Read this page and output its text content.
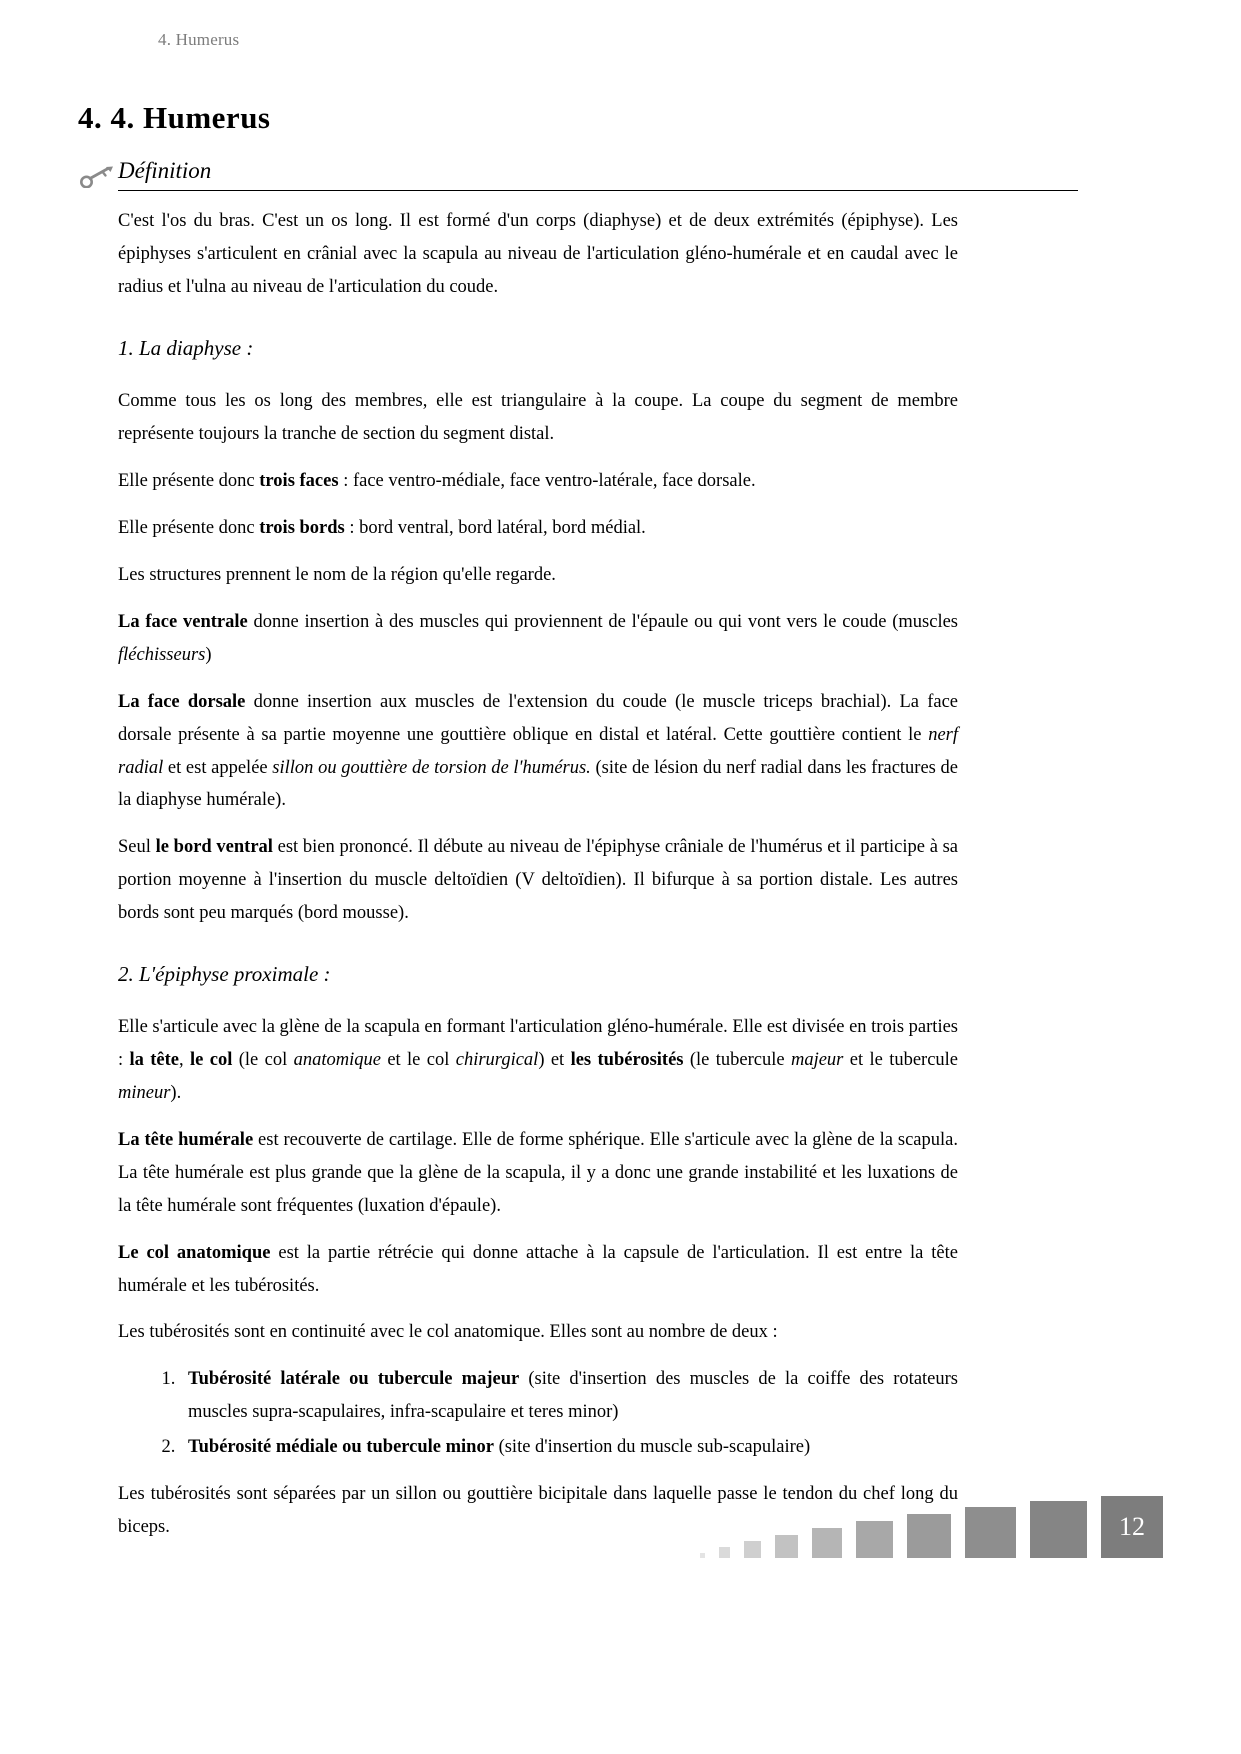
4. Humerus
4. 4. Humerus
Définition

C'est l'os du bras. C'est un os long. Il est formé d'un corps (diaphyse) et de deux extrémités (épiphyse). Les épiphyses s'articulent en crânial avec la scapula au niveau de l'articulation gléno-humérale et en caudal avec le radius et l'ulna au niveau de l'articulation du coude.

1. La diaphyse :

Comme tous les os long des membres, elle est triangulaire à la coupe. La coupe du segment de membre représente toujours la tranche de section du segment distal.

Elle présente donc trois faces : face ventro-médiale, face ventro-latérale, face dorsale.

Elle présente donc trois bords : bord ventral, bord latéral, bord médial.

Les structures prennent le nom de la région qu'elle regarde.

La face ventrale donne insertion à des muscles qui proviennent de l'épaule ou qui vont vers le coude (muscles fléchisseurs)

La face dorsale donne insertion aux muscles de l'extension du coude (le muscle triceps brachial). La face dorsale présente à sa partie moyenne une gouttière oblique en distal et latéral. Cette gouttière contient le nerf radial et est appelée sillon ou gouttière de torsion de l'humérus. (site de lésion du nerf radial dans les fractures de la diaphyse humérale).

Seul le bord ventral est bien prononcé. Il débute au niveau de l'épiphyse crâniale de l'humérus et il participe à sa portion moyenne à l'insertion du muscle deltoïdien (V deltoïdien). Il bifurque à sa portion distale. Les autres bords sont peu marqués (bord mousse).

2. L'épiphyse proximale :

Elle s'articule avec la glène de la scapula en formant l'articulation gléno-humérale. Elle est divisée en trois parties : la tête, le col (le col anatomique et le col chirurgical) et les tubérosités (le tubercule majeur et le tubercule mineur).

La tête humérale est recouverte de cartilage. Elle de forme sphérique. Elle s'articule avec la glène de la scapula. La tête humérale est plus grande que la glène de la scapula, il y a donc une grande instabilité et les luxations de la tête humérale sont fréquentes (luxation d'épaule).

Le col anatomique est la partie rétrécie qui donne attache à la capsule de l'articulation. Il est entre la tête humérale et les tubérosités.

Les tubérosités sont en continuité avec le col anatomique. Elles sont au nombre de deux :

1. Tubérosité latérale ou tubercule majeur (site d'insertion des muscles de la coiffe des rotateurs muscles supra-scapulaires, infra-scapulaire et teres minor)
2. Tubérosité médiale ou tubercule minor (site d'insertion du muscle sub-scapulaire)

Les tubérosités sont séparées par un sillon ou gouttière bicipitale dans laquelle passe le tendon du chef long du biceps.	12
